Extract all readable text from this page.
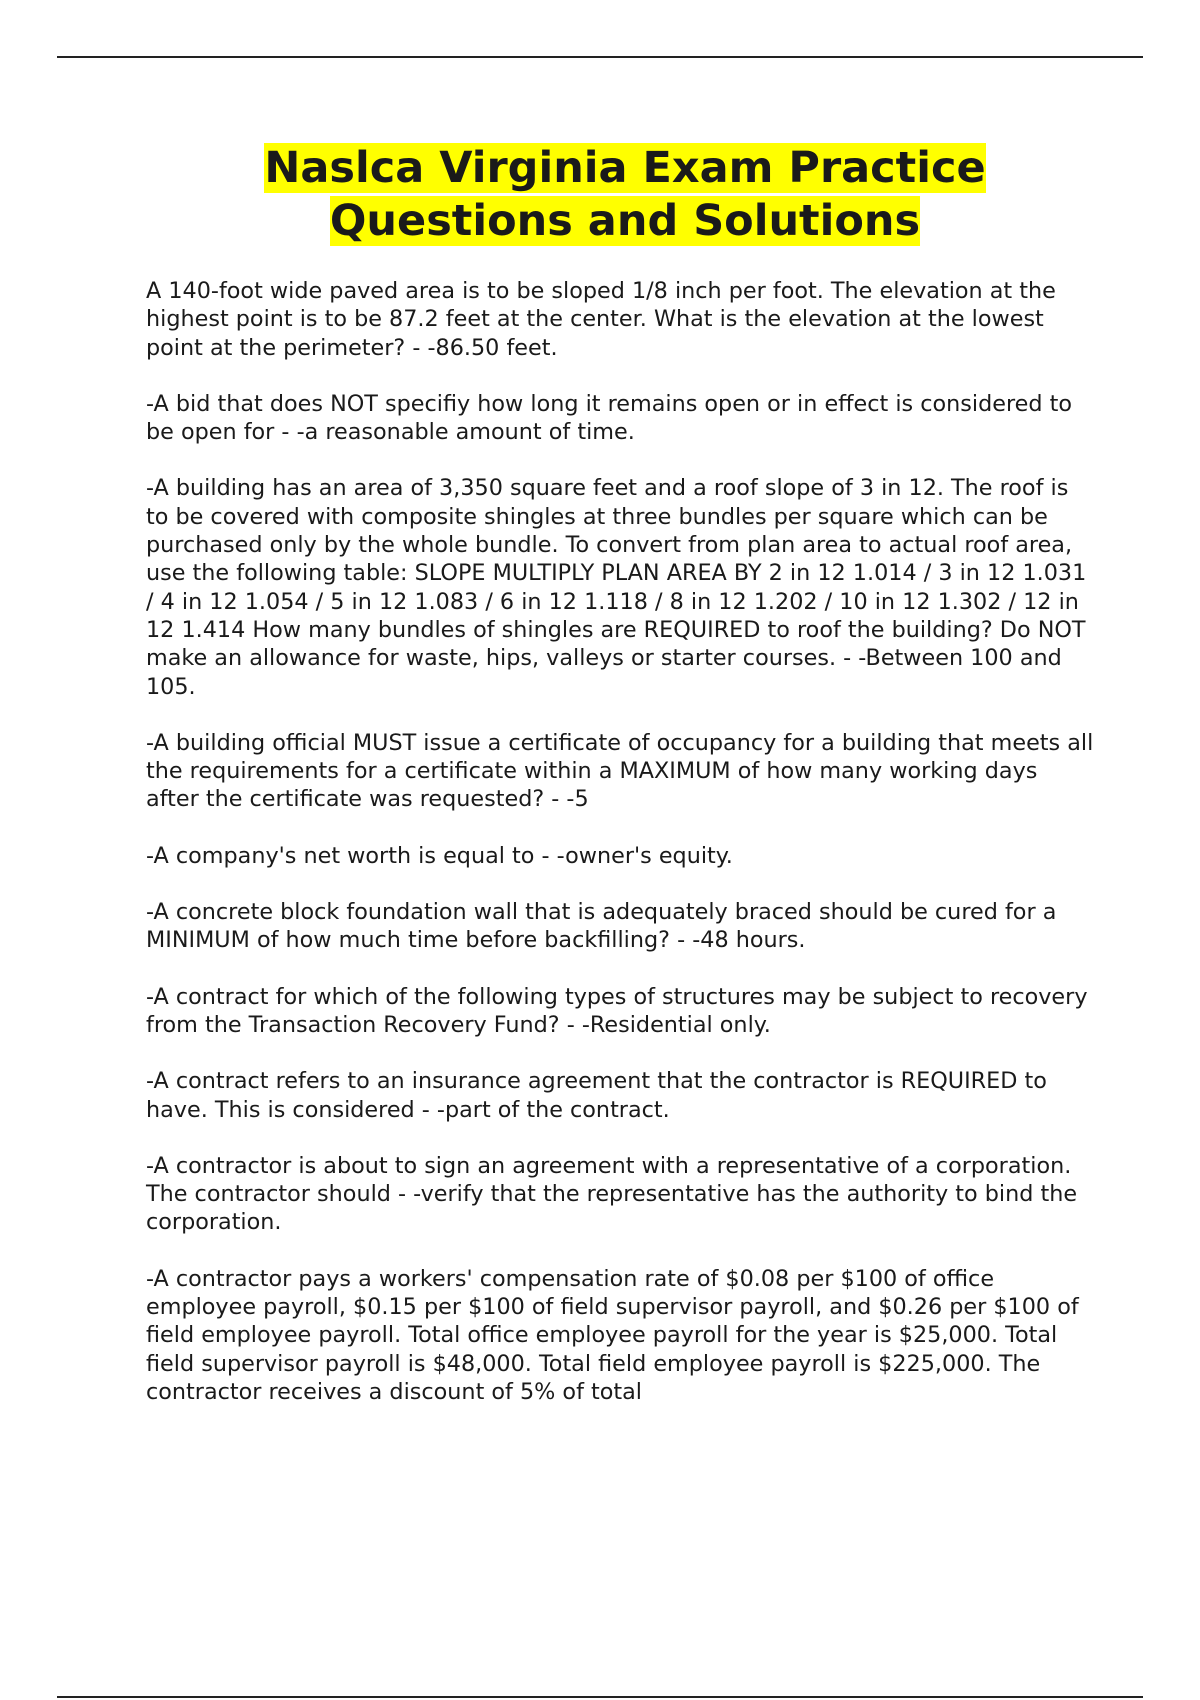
Naslca Virginia Exam Practice
Questions and Solutions

A 140-foot wide paved area is to be sloped 1/8 inch per foot. The elevation at the highest point is to be 87.2 feet at the center. What is the elevation at the lowest point at the perimeter? - -86.50 feet.

-A bid that does NOT specifiy how long it remains open or in effect is considered to be open for - -a reasonable amount of time.

-A building has an area of 3,350 square feet and a roof slope of 3 in 12. The roof is to be covered with composite shingles at three bundles per square which can be purchased only by the whole bundle. To convert from plan area to actual roof area, use the following table: SLOPE MULTIPLY PLAN AREA BY 2 in 12 1.014 / 3 in 12 1.031 / 4 in 12 1.054 / 5 in 12 1.083 / 6 in 12 1.118 / 8 in 12 1.202 / 10 in 12 1.302 / 12 in 12 1.414 How many bundles of shingles are REQUIRED to roof the building? Do NOT make an allowance for waste, hips, valleys or starter courses. - -Between 100 and 105.

-A building official MUST issue a certificate of occupancy for a building that meets all the requirements for a certificate within a MAXIMUM of how many working days after the certificate was requested? - -5

-A company's net worth is equal to - -owner's equity.

-A concrete block foundation wall that is adequately braced should be cured for a MINIMUM of how much time before backfilling? - -48 hours.

-A contract for which of the following types of structures may be subject to recovery from the Transaction Recovery Fund? - -Residential only.

-A contract refers to an insurance agreement that the contractor is REQUIRED to have. This is considered - -part of the contract.

-A contractor is about to sign an agreement with a representative of a corporation. The contractor should - -verify that the representative has the authority to bind the corporation.

-A contractor pays a workers' compensation rate of $0.08 per $100 of office employee payroll, $0.15 per $100 of field supervisor payroll, and $0.26 per $100 of field employee payroll. Total office employee payroll for the year is $25,000. Total field supervisor payroll is $48,000. Total field employee payroll is $225,000. The contractor receives a discount of 5% of total
